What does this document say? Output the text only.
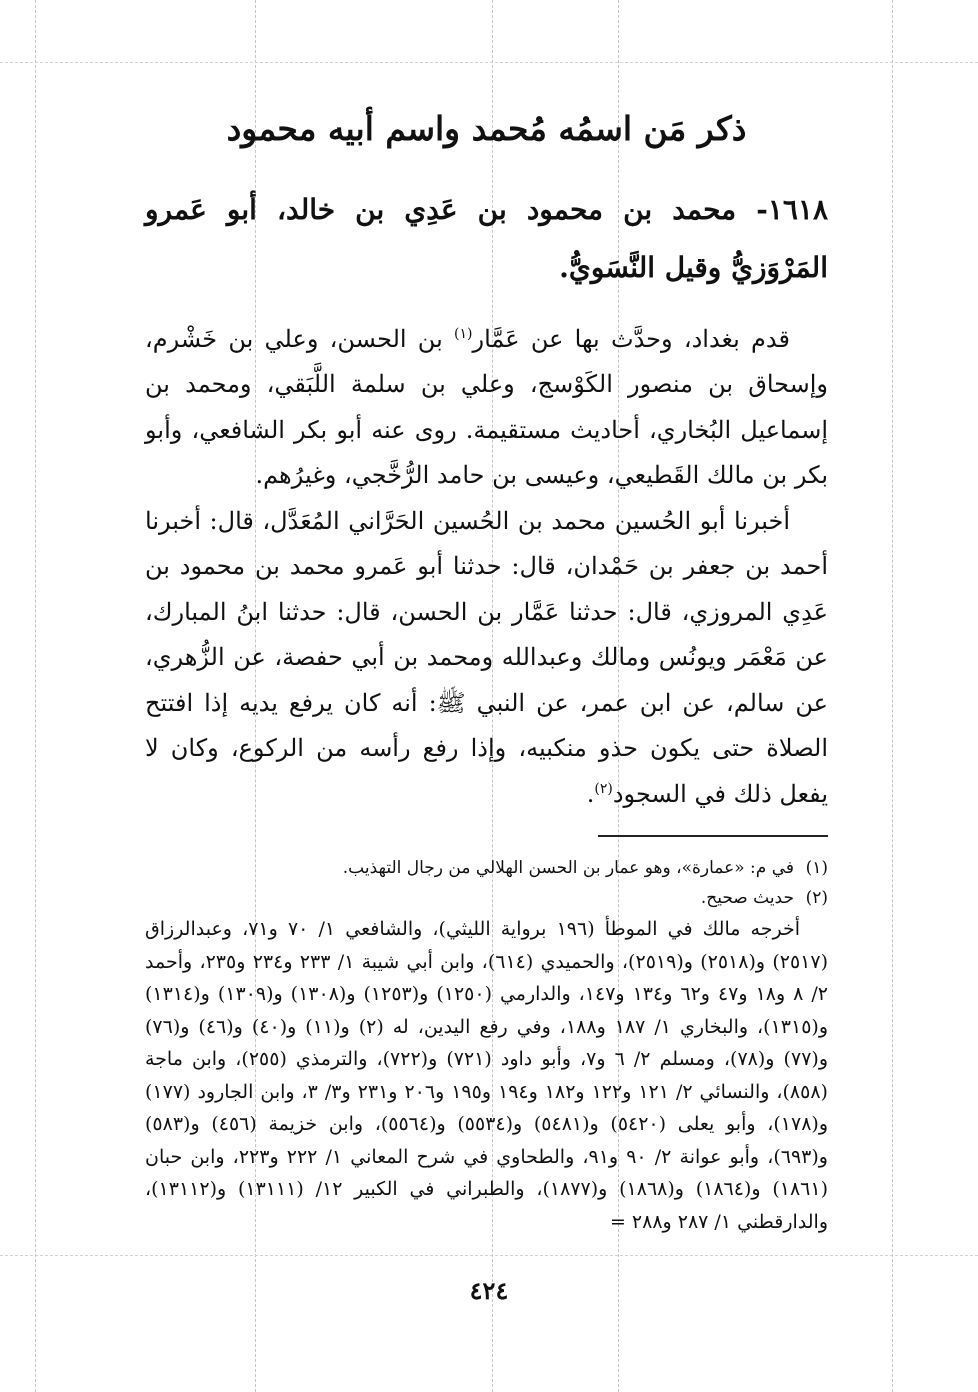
ذكر مَن اسمُه مُحمد واسم أبيه محمود

١٦١٨- محمد بن محمود بن عَدِي بن خالد، أبو عَمرو المَرْوَزيُّ وقيل النَّسَويُّ.

قدم بغداد، وحدَّث بها عن عَمَّار$^{(١)}$ بن الحسن، وعلي بن خَشْرم، وإسحاق بن منصور الكَوْسج، وعلي بن سلمة اللَّبَقي، ومحمد بن إسماعيل البُخاري، أحاديث مستقيمة. روى عنه أبو بكر الشافعي، وأبو بكر بن مالك القَطيعي، وعيسى بن حامد الرُّخَّجي، وغيرُهم.

أخبرنا أبو الحُسين محمد بن الحُسين الحَرَّاني المُعَدَّل، قال: أخبرنا أحمد بن جعفر بن حَمْدان، قال: حدثنا أبو عَمرو محمد بن محمود بن عَدِي المروزي، قال: حدثنا عَمَّار بن الحسن، قال: حدثنا ابنُ المبارك، عن مَعْمَر ويونُس ومالك وعبدالله ومحمد بن أبي حفصة، عن الزُّهري، عن سالم، عن ابن عمر، عن النبي ﷺ: أنه كان يرفع يديه إذا افتتح الصلاة حتى يكون حذو منكبيه، وإذا رفع رأسه من الركوع، وكان لا يفعل ذلك في السجود$^{(٢)}$.

(١)في م: «عمارة»، وهو عمار بن الحسن الهلالي من رجال التهذيب.

(٢)حديث صحيح.

أخرجه مالك في الموطأ (١٩٦ برواية الليثي)، والشافعي ١/ ٧٠ و٧١، وعبدالرزاق (٢٥١٧) و(٢٥١٨) و(٢٥١٩)، والحميدي (٦١٤)، وابن أبي شيبة ١/ ٢٣٣ و٢٣٤ و٢٣٥، وأحمد ٢/ ٨ و١٨ و٤٧ و٦٢ و١٣٤ و١٤٧، والدارمي (١٢٥٠) و(١٢٥٣) و(١٣٠٨) و(١٣٠٩) و(١٣١٤) و(١٣١٥)، والبخاري ١/ ١٨٧ و١٨٨، وفي رفع اليدين، له (٢) و(١١) و(٤٠) و(٤٦) و(٧٦) و(٧٧) و(٧٨)، ومسلم ٢/ ٦ و٧، وأبو داود (٧٢١) و(٧٢٢)، والترمذي (٢٥٥)، وابن ماجة (٨٥٨)، والنسائي ٢/ ١٢١ و١٢٢ و١٨٢ و١٩٤ و١٩٥ و٢٠٦ و٢٣١ و٣/ ٣، وابن الجارود (١٧٧) و(١٧٨)، وأبو يعلى (٥٤٢٠) و(٥٤٨١) و(٥٥٣٤) و(٥٥٦٤)، وابن خزيمة (٤٥٦) و(٥٨٣) و(٦٩٣)، وأبو عوانة ٢/ ٩٠ و٩١، والطحاوي في شرح المعاني ١/ ٢٢٢ و٢٢٣، وابن حبان (١٨٦١) و(١٨٦٤) و(١٨٦٨) و(١٨٧٧)، والطبراني في الكبير ١٢/ (١٣١١١) و(١٣١١٢)، والدارقطني ١/ ٢٨٧ و٢٨٨ =

٤٢٤
